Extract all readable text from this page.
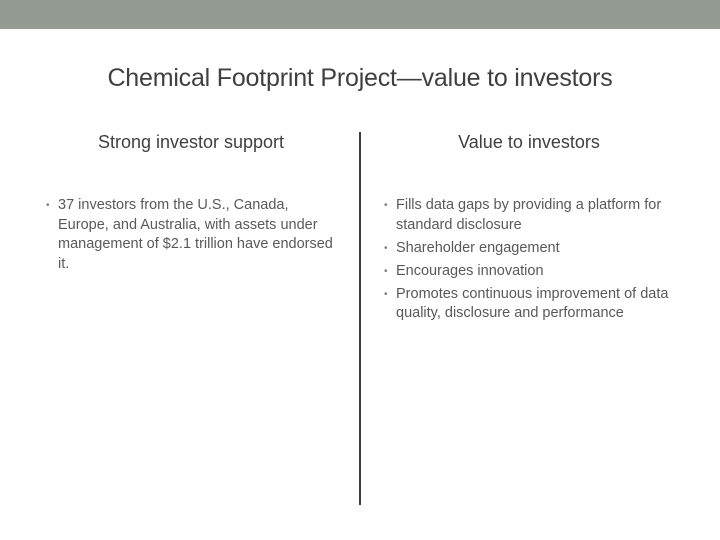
Chemical Footprint Project—value to investors
Strong investor support	Value to investors
• 37 investors from the U.S., Canada, Europe, and Australia, with assets under management of $2.1 trillion have endorsed it.
• Fills data gaps by providing a platform for standard disclosure
• Shareholder engagement
• Encourages innovation
• Promotes continuous improvement of data quality, disclosure and performance
